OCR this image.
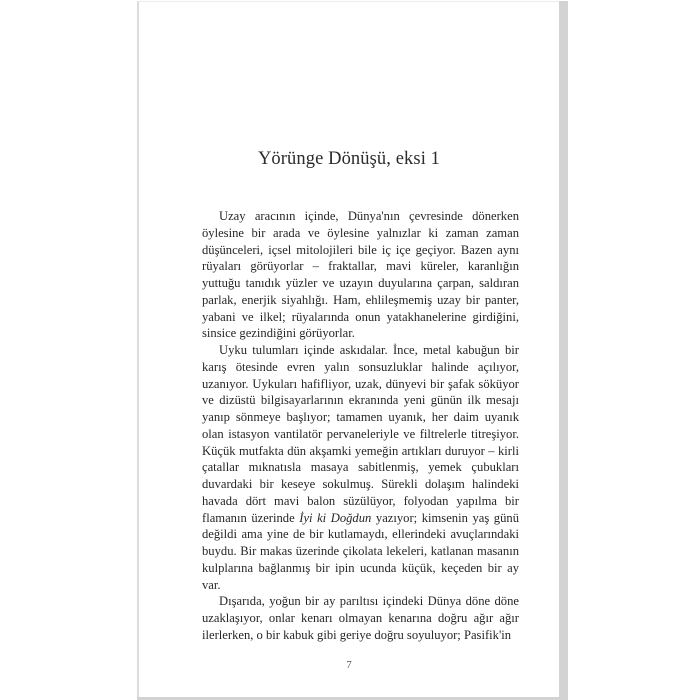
Yörünge Dönüşü, eksi 1

Uzay aracının içinde, Dünya'nın çevresinde dönerken öylesine bir arada ve öylesine yalnızlar ki zaman zaman düşünceleri, içsel mitolojileri bile iç içe geçiyor. Bazen aynı rüyaları görüyorlar – fraktallar, mavi küreler, karanlığın yuttuğu tanıdık yüzler ve uzayın duyularına çarpan, saldıran parlak, enerjik siyahlığı. Ham, ehlileşmemiş uzay bir panter, yabani ve ilkel; rüyalarında onun yatakhanelerine girdiğini, sinsice gezindiğini görüyorlar.

Uyku tulumları içinde askıdalar. İnce, metal kabuğun bir karış ötesinde evren yalın sonsuzluklar halinde açılıyor, uzanıyor. Uykuları hafifliyor, uzak, dünyevi bir şafak söküyor ve dizüstü bilgisayarlarının ekranında yeni günün ilk mesajı yanıp sönmeye başlıyor; tamamen uyanık, her daim uyanık olan istasyon vantilatör pervaneleriyle ve filtrelerle titreşiyor. Küçük mutfakta dün akşamki yemeğin artıkları duruyor – kirli çatallar mıknatısla masaya sabitlenmiş, yemek çubukları duvardaki bir keseye sokulmuş. Sürekli dolaşım halindeki havada dört mavi balon süzülüyor, folyodan yapılma bir flamanın üzerinde İyi ki Doğdun yazıyor; kimsenin yaş günü değildi ama yine de bir kutlamaydı, ellerindeki avuçlarındaki buydu. Bir makas üzerinde çikolata lekeleri, katlanan masanın kulplarına bağlanmış bir ipin ucunda küçük, keçeden bir ay var.

Dışarıda, yoğun bir ay parıltısı içindeki Dünya döne döne uzaklaşıyor, onlar kenarı olmayan kenarına doğru ağır ağır ilerlerken, o bir kabuk gibi geriye doğru soyuluyor; Pasifik'in

7
